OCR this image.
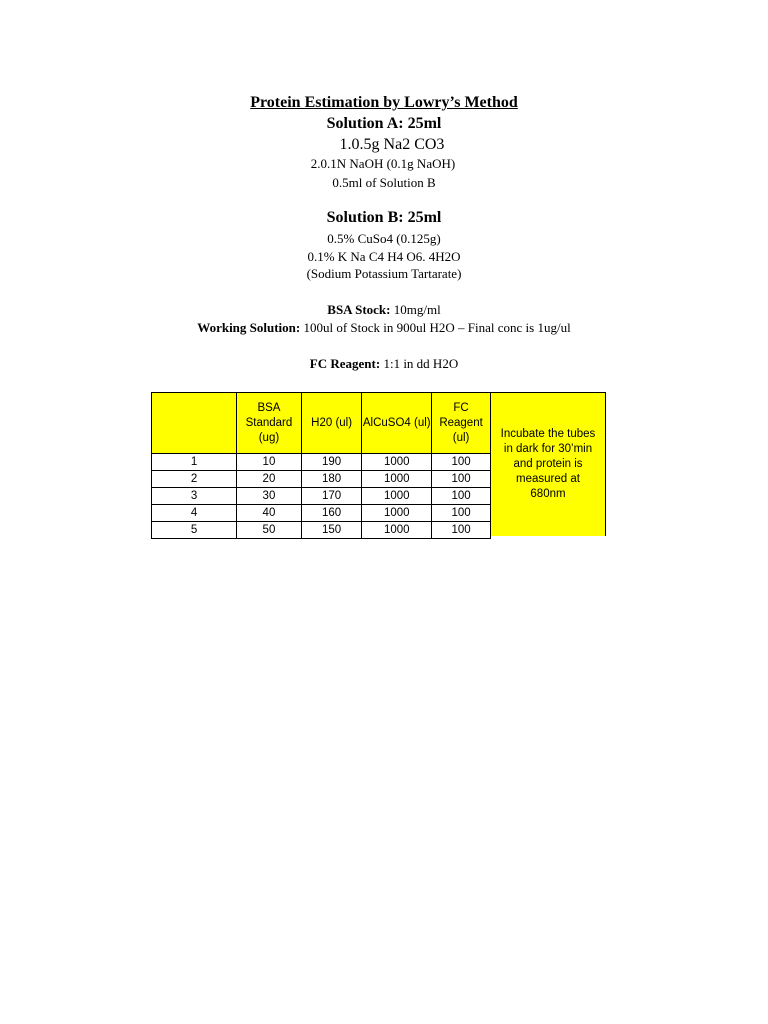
Protein Estimation by Lowry’s Method
Solution A: 25ml
1.0.5g Na2 CO3
2.0.1N NaOH (0.1g NaOH)
0.5ml of Solution B
Solution B: 25ml
0.5% CuSo4 (0.125g)
0.1% K Na C4 H4 O6. 4H2O
(Sodium Potassium Tartarate)
BSA Stock: 10mg/ml
Working Solution: 100ul of Stock in 900ul H2O – Final conc is 1ug/ul
FC Reagent: 1:1 in dd H2O
	BSA Standard (ug)	H20 (ul)	AlCuSO4 (ul)	FC Reagent (ul)
1	10	190	1000	100
2	20	180	1000	100
3	30	170	1000	100
4	40	160	1000	100
5	50	150	1000	100
Incubate the tubes in dark for 30’min and protein is measured at 680nm
